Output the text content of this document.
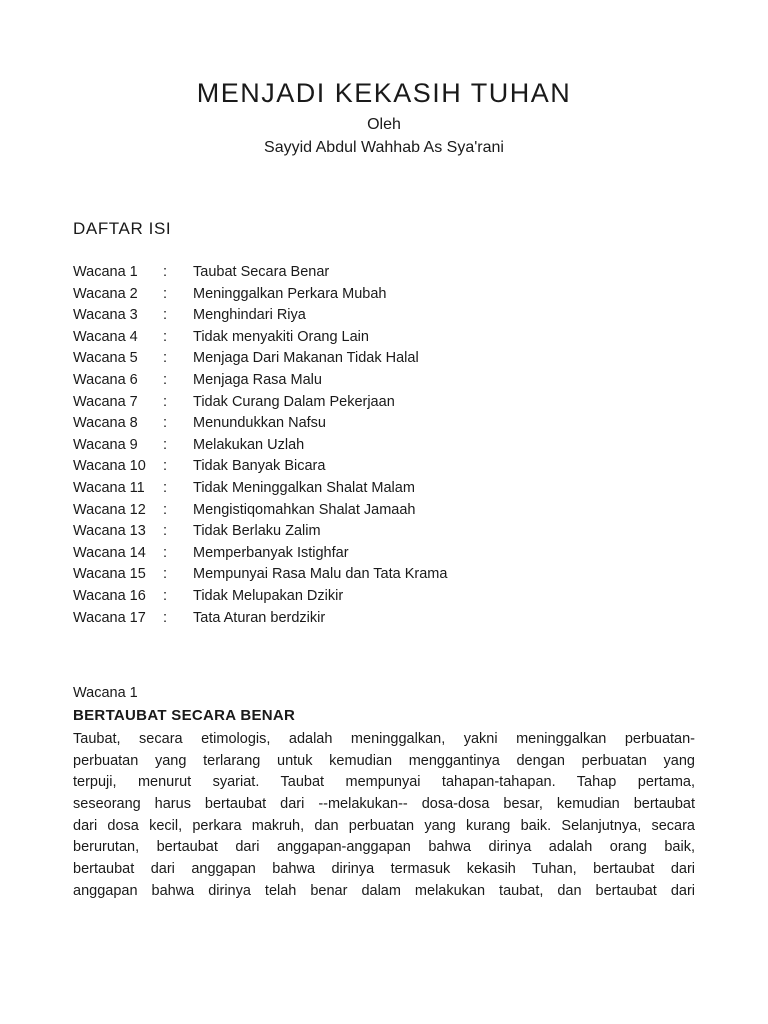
MENJADI KEKASIH TUHAN
Oleh
Sayyid Abdul Wahhab As Sya'rani
DAFTAR ISI
Wacana 1 : Taubat Secara Benar
Wacana 2 : Meninggalkan Perkara Mubah
Wacana 3 : Menghindari Riya
Wacana 4 : Tidak menyakiti Orang Lain
Wacana 5 : Menjaga Dari Makanan Tidak Halal
Wacana 6 : Menjaga Rasa Malu
Wacana 7 : Tidak Curang Dalam Pekerjaan
Wacana 8 : Menundukkan Nafsu
Wacana 9 : Melakukan Uzlah
Wacana 10 : Tidak Banyak Bicara
Wacana 11 : Tidak Meninggalkan Shalat Malam
Wacana 12 : Mengistiqomahkan Shalat Jamaah
Wacana 13 : Tidak Berlaku Zalim
Wacana 14 : Memperbanyak Istighfar
Wacana 15 : Mempunyai Rasa Malu dan Tata Krama
Wacana 16 : Tidak Melupakan Dzikir
Wacana 17 : Tata Aturan berdzikir
Wacana 1
BERTAUBAT SECARA BENAR
Taubat, secara etimologis, adalah meninggalkan, yakni meninggalkan perbuatan-
perbuatan yang terlarang untuk kemudian menggantinya dengan perbuatan yang
terpuji, menurut syariat. Taubat mempunyai tahapan-tahapan. Tahap pertama,
seseorang harus bertaubat dari --melakukan-- dosa-dosa besar, kemudian bertaubat
dari dosa kecil, perkara makruh, dan perbuatan yang kurang baik. Selanjutnya, secara
berurutan, bertaubat dari anggapan-anggapan bahwa dirinya adalah orang baik,
bertaubat dari anggapan bahwa dirinya termasuk kekasih Tuhan, bertaubat dari
anggapan bahwa dirinya telah benar dalam melakukan taubat, dan bertaubat dari
